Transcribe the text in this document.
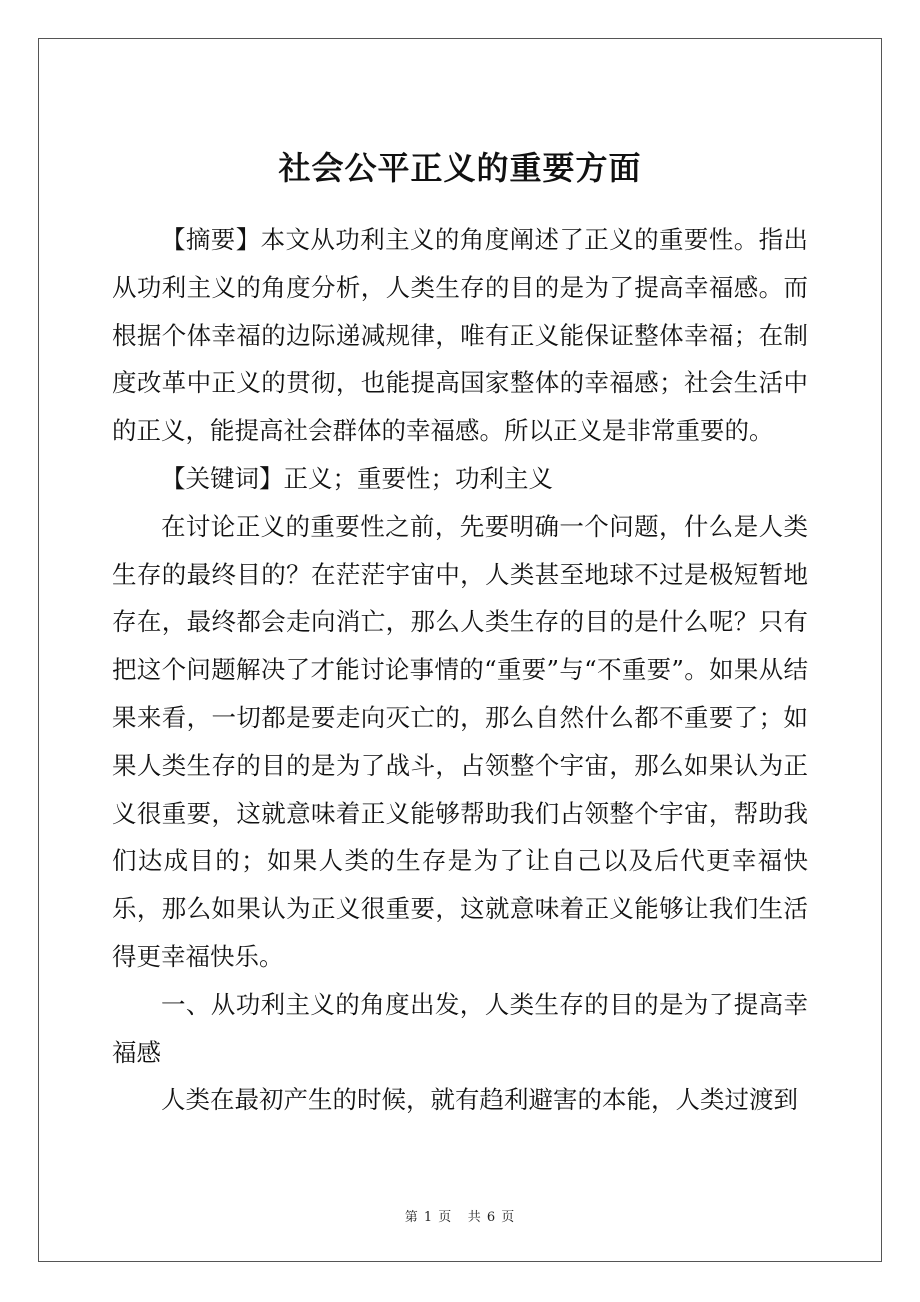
社会公平正义的重要方面

【摘要】本文从功利主义的角度阐述了正义的重要性。指出从功利主义的角度分析，人类生存的目的是为了提高幸福感。而根据个体幸福的边际递减规律，唯有正义能保证整体幸福；在制度改革中正义的贯彻，也能提高国家整体的幸福感；社会生活中的正义，能提高社会群体的幸福感。所以正义是非常重要的。

【关键词】正义；重要性；功利主义

在讨论正义的重要性之前，先要明确一个问题，什么是人类生存的最终目的？在茫茫宇宙中，人类甚至地球不过是极短暂地存在，最终都会走向消亡，那么人类生存的目的是什么呢？只有把这个问题解决了才能讨论事情的“重要”与“不重要”。如果从结果来看，一切都是要走向灭亡的，那么自然什么都不重要了；如果人类生存的目的是为了战斗，占领整个宇宙，那么如果认为正义很重要，这就意味着正义能够帮助我们占领整个宇宙，帮助我们达成目的；如果人类的生存是为了让自己以及后代更幸福快乐，那么如果认为正义很重要，这就意味着正义能够让我们生活得更幸福快乐。

一、从功利主义的角度出发，人类生存的目的是为了提高幸福感

人类在最初产生的时候，就有趋利避害的本能，人类过渡到

第 1 页 共 6 页
